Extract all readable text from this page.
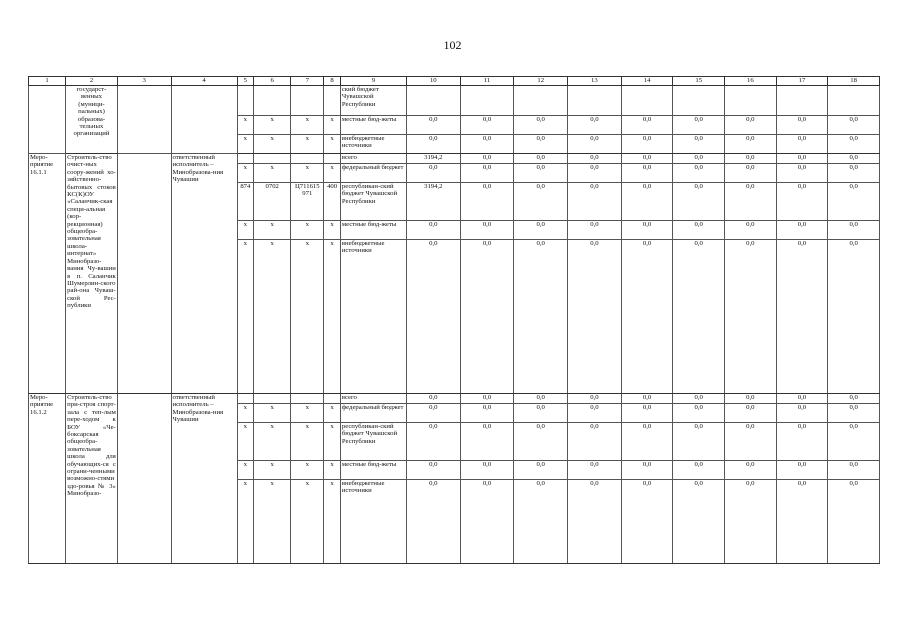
102
1	2	3	4	5	6	7	8	9	10	11	12	13	14	15	16	17	18
	государст-венных (муници-пальных) образова-тельных организаций							ский бюджет Чувашской Республики									
				x	x	x	x	местные бюд-жеты	0,0	0,0	0,0	0,0	0,0	0,0	0,0	0,0	0,0
				x	x	x	x	внебюджетные источники	0,0	0,0	0,0	0,0	0,0	0,0	0,0	0,0	0,0
Меро-приятие 16.1.1	Строитель-ство очист-ных соору-жений хо-зяйственно-бытовых стоков КС(К)ОУ «Саланчик-ская специ-альная (кор-рекционная) общеобра-зовательная школа-интернат» Минобразо-вания Чу-вашии в п. Саланчик Шумерлин-ского рай-она Чуваш-ской Рес-публики		ответственный исполнитель – Минобразова-ния Чувашии					всего	3194,2	0,0	0,0	0,0	0,0	0,0	0,0	0,0	0,0
				x	x	x	x	федеральный бюджет	0,0	0,0	0,0	0,0	0,0	0,0	0,0	0,0	0,0
				874	0702	Ц711615 971	400	республикан-ский бюджет Чувашской Республики	3194,2	0,0	0,0	0,0	0,0	0,0	0,0	0,0	0,0
				x	x	x	x	местные бюд-жеты	0,0	0,0	0,0	0,0	0,0	0,0	0,0	0,0	0,0
				x	x	x	x	внебюджетные источники	0,0	0,0	0,0	0,0	0,0	0,0	0,0	0,0	0,0
Меро-приятие 16.1.2	Строитель-ство при-строя спорт-зала с теп-лым пере-ходом к БОУ «Че-боксарская общеобра-зовательная школа для обучающих-ся с ограни-ченными возможно-стями здо-ровья № 3» Минобразо-		ответственный исполнитель – Минобразова-ния Чувашии					всего	0,0	0,0	0,0	0,0	0,0	0,0	0,0	0,0	0,0
				x	x	x	x	федеральный бюджет	0,0	0,0	0,0	0,0	0,0	0,0	0,0	0,0	0,0
				x	x	x	x	республикан-ский бюджет Чувашской Республики	0,0	0,0	0,0	0,0	0,0	0,0	0,0	0,0	0,0
				x	x	x	x	местные бюд-жеты	0,0	0,0	0,0	0,0	0,0	0,0	0,0	0,0	0,0
				x	x	x	x	внебюджетные источники	0,0	0,0	0,0	0,0	0,0	0,0	0,0	0,0	0,0
